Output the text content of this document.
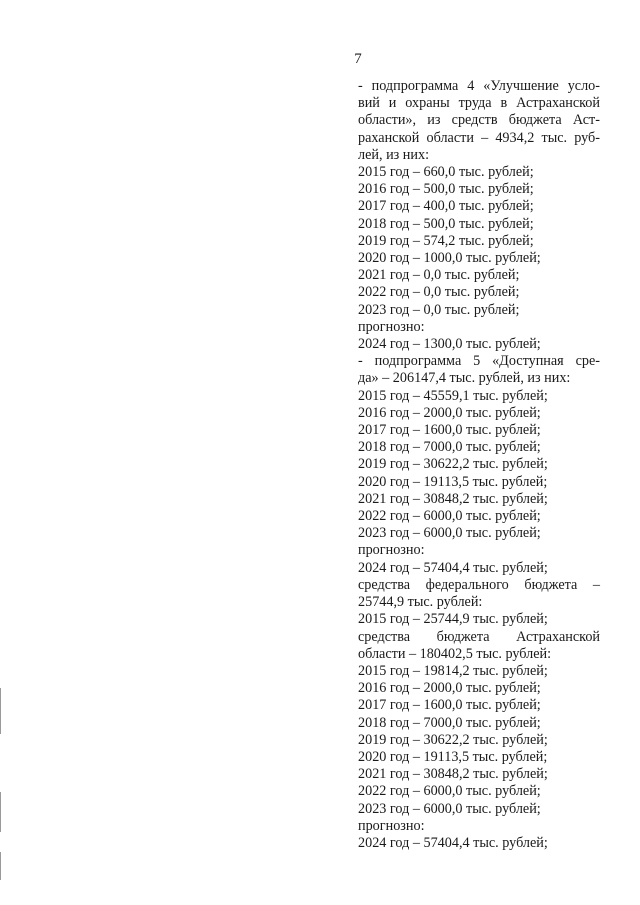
7
- подпрограмма 4 «Улучшение усло-
вий и охраны труда в Астраханской
области», из средств бюджета Аст-
раханской области – 4934,2 тыс. руб-
лей, из них:
2015 год – 660,0 тыс. рублей;
2016 год – 500,0 тыс. рублей;
2017 год – 400,0 тыс. рублей;
2018 год – 500,0 тыс. рублей;
2019 год – 574,2 тыс. рублей;
2020 год – 1000,0 тыс. рублей;
2021 год – 0,0 тыс. рублей;
2022 год – 0,0 тыс. рублей;
2023 год – 0,0 тыс. рублей;
прогнозно:
2024 год – 1300,0 тыс. рублей;
- подпрограмма 5 «Доступная сре-
да» – 206147,4 тыс. рублей, из них:
2015 год – 45559,1 тыс. рублей;
2016 год – 2000,0 тыс. рублей;
2017 год – 1600,0 тыс. рублей;
2018 год – 7000,0 тыс. рублей;
2019 год – 30622,2 тыс. рублей;
2020 год – 19113,5 тыс. рублей;
2021 год – 30848,2 тыс. рублей;
2022 год – 6000,0 тыс. рублей;
2023 год – 6000,0 тыс. рублей;
прогнозно:
2024 год – 57404,4 тыс. рублей;
средства федерального бюджета –
25744,9 тыс. рублей:
2015 год – 25744,9 тыс. рублей;
средства бюджета Астраханской
области – 180402,5 тыс. рублей:
2015 год – 19814,2 тыс. рублей;
2016 год – 2000,0 тыс. рублей;
2017 год – 1600,0 тыс. рублей;
2018 год – 7000,0 тыс. рублей;
2019 год – 30622,2 тыс. рублей;
2020 год – 19113,5 тыс. рублей;
2021 год – 30848,2 тыс. рублей;
2022 год – 6000,0 тыс. рублей;
2023 год – 6000,0 тыс. рублей;
прогнозно:
2024 год – 57404,4 тыс. рублей;
